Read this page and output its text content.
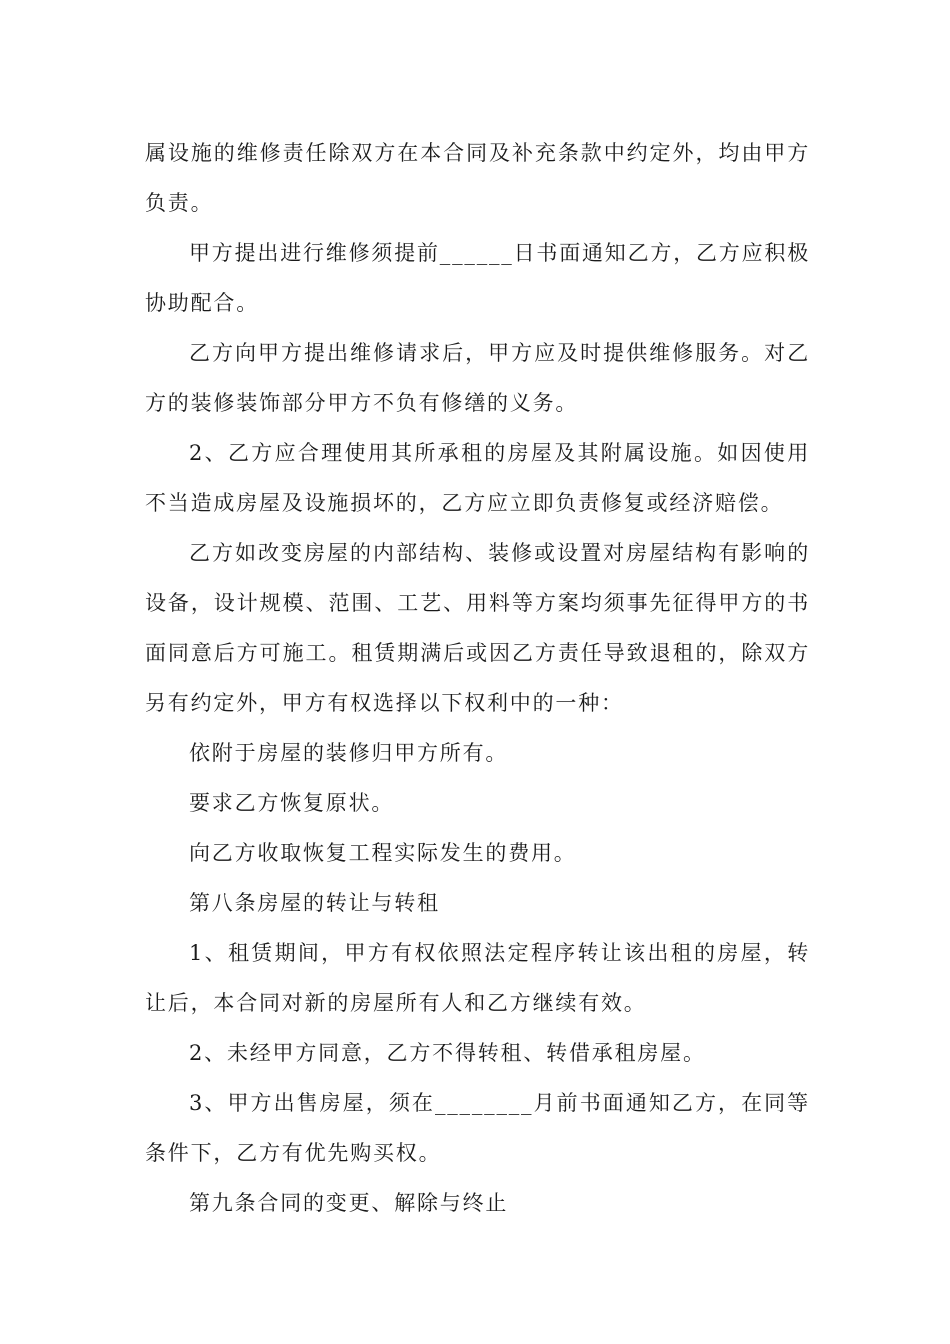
属设施的维修责任除双方在本合同及补充条款中约定外，均由甲方负责。

甲方提出进行维修须提前______日书面通知乙方，乙方应积极协助配合。

乙方向甲方提出维修请求后，甲方应及时提供维修服务。对乙方的装修装饰部分甲方不负有修缮的义务。

2、乙方应合理使用其所承租的房屋及其附属设施。如因使用不当造成房屋及设施损坏的，乙方应立即负责修复或经济赔偿。

乙方如改变房屋的内部结构、装修或设置对房屋结构有影响的设备，设计规模、范围、工艺、用料等方案均须事先征得甲方的书面同意后方可施工。租赁期满后或因乙方责任导致退租的，除双方另有约定外，甲方有权选择以下权利中的一种：

依附于房屋的装修归甲方所有。

要求乙方恢复原状。

向乙方收取恢复工程实际发生的费用。

第八条房屋的转让与转租

1、租赁期间，甲方有权依照法定程序转让该出租的房屋，转让后，本合同对新的房屋所有人和乙方继续有效。

2、未经甲方同意，乙方不得转租、转借承租房屋。

3、甲方出售房屋，须在________月前书面通知乙方，在同等条件下，乙方有优先购买权。

第九条合同的变更、解除与终止
